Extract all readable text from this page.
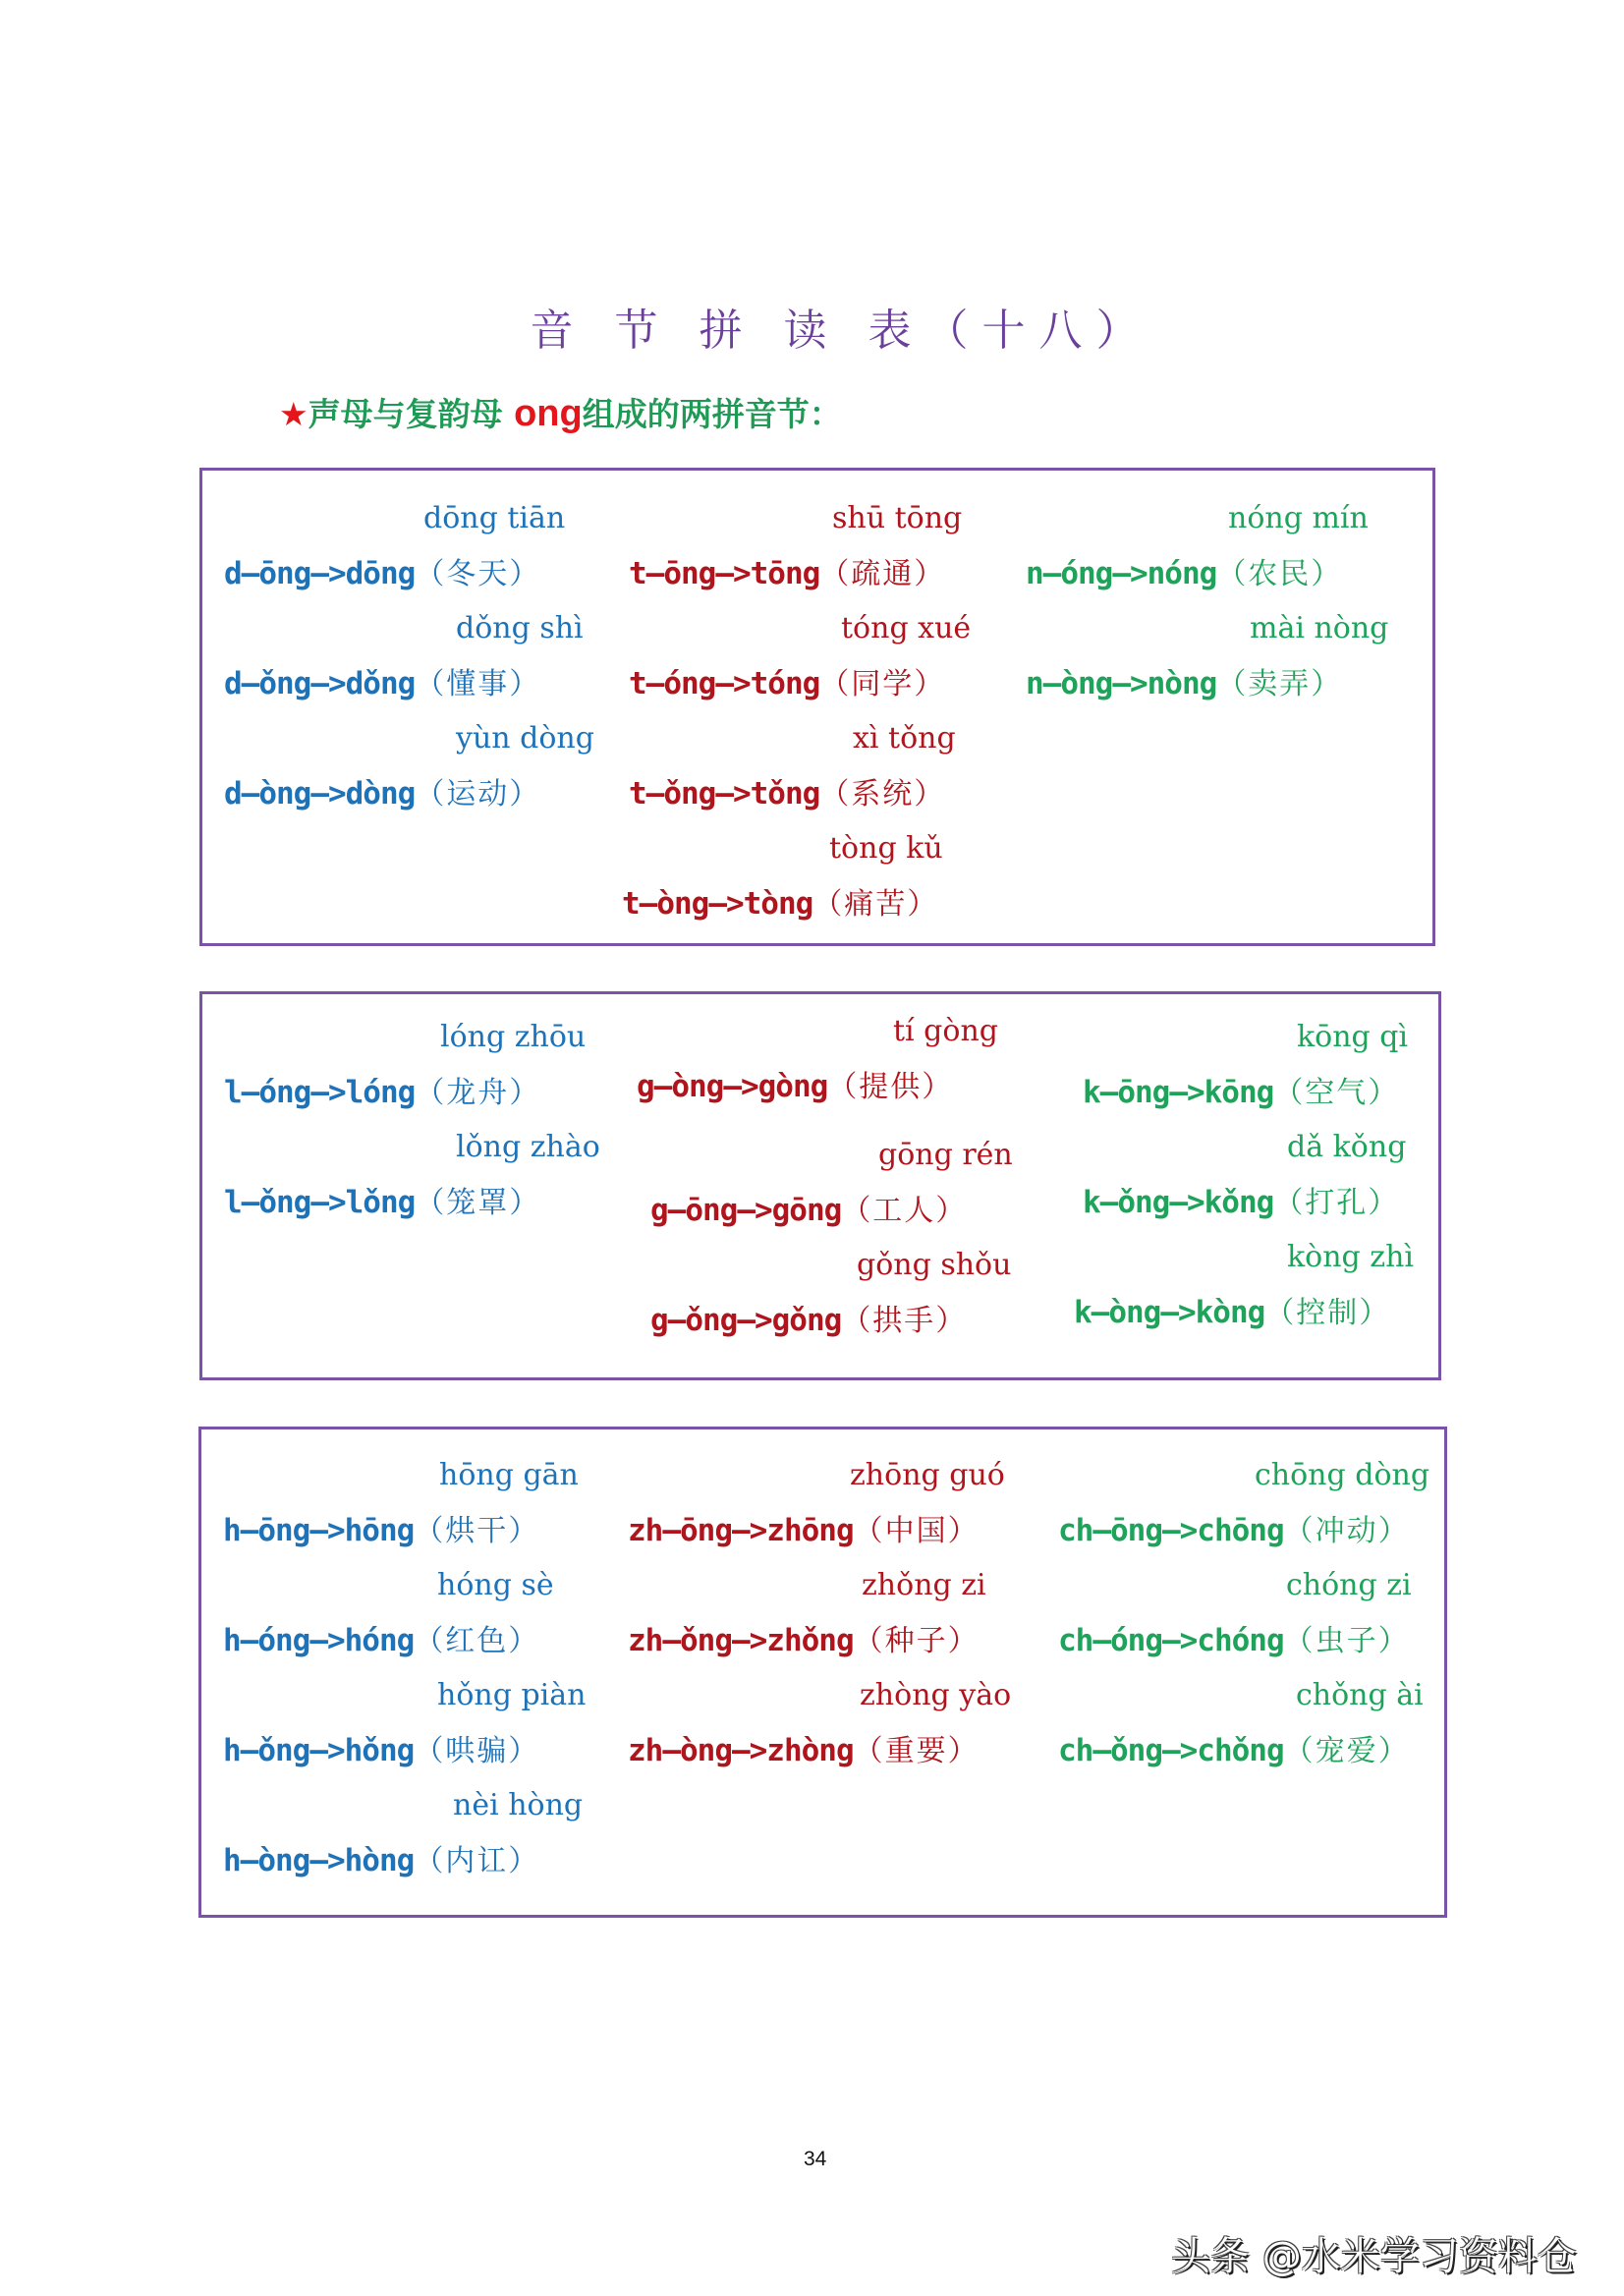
音 节 拼 读 表（十八）
★声母与复韵母 ong组成的两拼音节：
dōng tiān
d—ōng—>dōng（冬天）
dǒng shì
d—ǒng—>dǒng（懂事）
yùn dòng
d—òng—>dòng（运动）
shū tōng
t—ōng—>tōng（疏通）
tóng xué
t—óng—>tóng（同学）
xì tǒng
t—ǒng—>tǒng（系统）
tòng kǔ
t—òng—>tòng（痛苦）
nóng mín
n—óng—>nóng（农民）
mài nòng
n—òng—>nòng（卖弄）
lóng zhōu
l—óng—>lóng（龙舟）
lǒng zhào
l—ǒng—>lǒng（笼罩）
tí gòng
g—òng—>gòng（提供）
gōng rén
g—ōng—>gōng（工人）
gǒng shǒu
g—ǒng—>gǒng（拱手）
kōng qì
k—ōng—>kōng（空气）
dǎ kǒng
k—ǒng—>kǒng（打孔）
kòng zhì
k—òng—>kòng（控制）
hōng gān
h—ōng—>hōng（烘干）
hóng sè
h—óng—>hóng（红色）
hǒng piàn
h—ǒng—>hǒng（哄骗）
nèi hòng
h—òng—>hòng（内讧）
zhōng guó
zh—ōng—>zhōng（中国）
zhǒng zi
zh—ǒng—>zhǒng（种子）
zhòng yào
zh—òng—>zhòng（重要）
chōng dòng
ch—ōng—>chōng（冲动）
chóng zi
ch—óng—>chóng（虫子）
chǒng ài
ch—ǒng—>chǒng（宠爱）
34
头条 @水米学习资料仓
